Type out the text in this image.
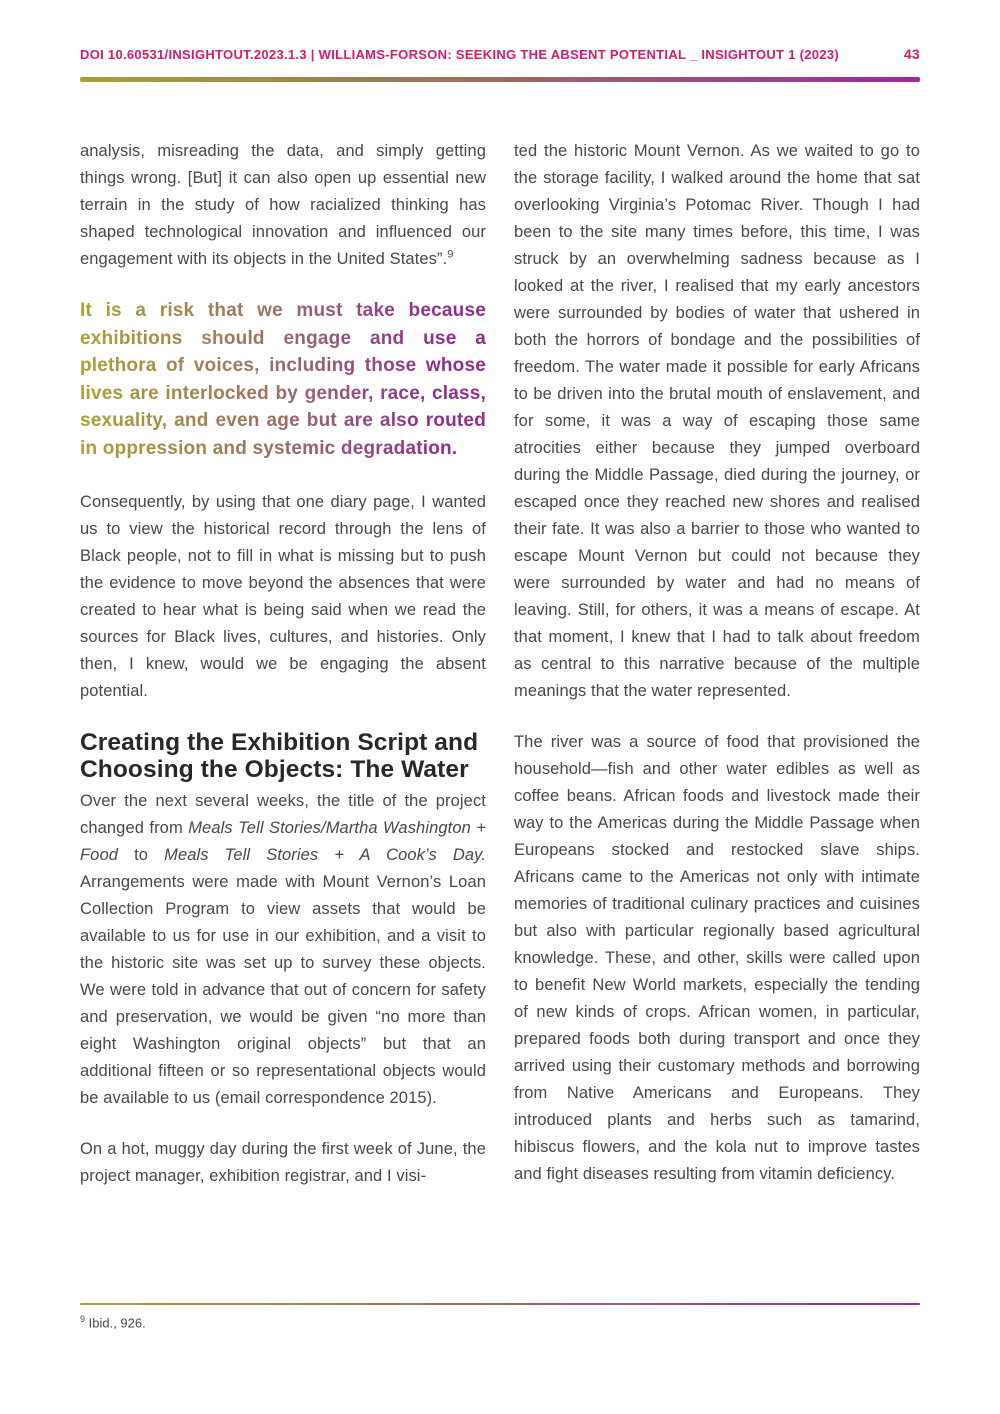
DOI 10.60531/INSIGHTOUT.2023.1.3 | WILLIAMS-FORSON: SEEKING THE ABSENT POTENTIAL _ INSIGHTOUT 1 (2023)	43

analysis, misreading the data, and simply getting things wrong. [But] it can also open up essential new terrain in the study of how racialized thinking has shaped technological innovation and influenced our engagement with its objects in the United States”.$^9$

It is a risk that we must take because exhibitions should engage and use a plethora of voices, including those whose lives are interlocked by gender, race, class, sexuality, and even age but are also routed in oppression and systemic degradation.

Consequently, by using that one diary page, I wanted us to view the historical record through the lens of Black people, not to fill in what is missing but to push the evidence to move beyond the absences that were created to hear what is being said when we read the sources for Black lives, cultures, and histories. Only then, I knew, would we be engaging the absent potential.

Creating the Exhibition Script and Choosing the Objects: The Water

Over the next several weeks, the title of the project changed from Meals Tell Stories/Martha Washington + Food to Meals Tell Stories + A Cook’s Day. Arrangements were made with Mount Vernon’s Loan Collection Program to view assets that would be available to us for use in our exhibition, and a visit to the historic site was set up to survey these objects. We were told in advance that out of concern for safety and preservation, we would be given “no more than eight Washington original objects” but that an additional fifteen or so representational objects would be available to us (email correspondence 2015).

On a hot, muggy day during the first week of June, the project manager, exhibition registrar, and I visi-

ted the historic Mount Vernon. As we waited to go to the storage facility, I walked around the home that sat overlooking Virginia’s Potomac River. Though I had been to the site many times before, this time, I was struck by an overwhelming sadness because as I looked at the river, I realised that my early ancestors were surrounded by bodies of water that ushered in both the horrors of bondage and the possibilities of freedom. The water made it possible for early Africans to be driven into the brutal mouth of enslavement, and for some, it was a way of escaping those same atrocities either because they jumped overboard during the Middle Passage, died during the journey, or escaped once they reached new shores and realised their fate. It was also a barrier to those who wanted to escape Mount Vernon but could not because they were surrounded by water and had no means of leaving. Still, for others, it was a means of escape. At that moment, I knew that I had to talk about freedom as central to this narrative because of the multiple meanings that the water represented.

The river was a source of food that provisioned the household—fish and other water edibles as well as coffee beans. African foods and livestock made their way to the Americas during the Middle Passage when Europeans stocked and restocked slave ships. Africans came to the Americas not only with intimate memories of traditional culinary practices and cuisines but also with particular regionally based agricultural knowledge. These, and other, skills were called upon to benefit New World markets, especially the tending of new kinds of crops. African women, in particular, prepared foods both during transport and once they arrived using their customary methods and borrowing from Native Americans and Europeans. They introduced plants and herbs such as tamarind, hibiscus flowers, and the kola nut to improve tastes and fight diseases resulting from vitamin deficiency.

$^9$ Ibid., 926.
